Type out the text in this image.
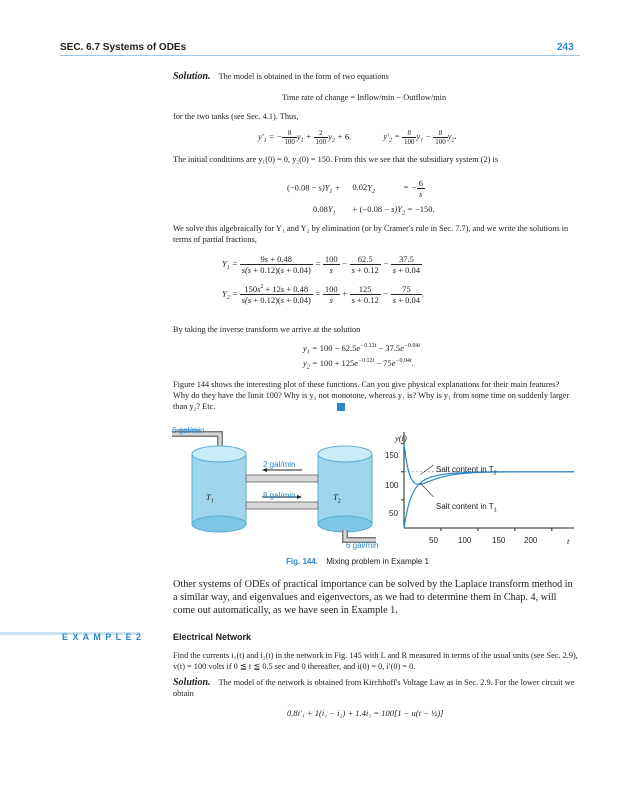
SEC. 6.7 Systems of ODEs	243
Solution. The model is obtained in the form of two equations
Time rate of change = Inflow/min − Outflow/min
for the two tanks (see Sec. 4.1). Thus,
$y'_1$ = − $\frac{8}{100} y_1 + \frac{2}{100} y_2 + 6$.	$y'_2 = \frac{8}{100} y_1 - \frac{8}{100} y_2$.
The initial conditions are y₁(0) = 0, y₂(0) = 150. From this we see that the subsidiary system (2) is
$(-0.08 - s)Y_1 + 0.02Y_2$	= − $\frac{6}{s}$
$0.08Y_1 + (-0.08 - s)Y_2 = -150$.
We solve this algebraically for Y₁ and Y₂ by elimination (or by Cramer's rule in Sec. 7.7), and we write the solutions in terms of partial fractions,
$Y_1 = \frac{9s + 0.48}{s(s + 0.12)(s + 0.04)} = \frac{100}{s} - \frac{62.5}{s + 0.12} - \frac{37.5}{s + 0.04}$
$Y_2 = \frac{150s^2 + 12s + 0.48}{s(s + 0.12)(s + 0.04)} = \frac{100}{s} + \frac{125}{s + 0.12} - \frac{75}{s + 0.04}$ .
By taking the inverse transform we arrive at the solution
$y_1 = 100 - 62.5e^{-0.12t} - 37.5e^{-0.04t}$
$y_2 = 100 + 125e^{-0.12t} - 75e^{-0.04t}$.
Figure 144 shows the interesting plot of these functions. Can you give physical explanations for their main features? Why do they have the limit 100? Why is y₂ not monotone, whereas y₁ is? Why is y₁ from some time on suddenly larger than y₂? Etc.
6 gal/min
2 gal/min
8 gal/min
6 gal/min
$T_1$	$T_2$
y(t)
t
150
100
50
50	100	150 200
Salt content in $T_2$
Salt content in $T_1$
Fig. 144. Mixing problem in Example 1
Other systems of ODEs of practical importance can be solved by the Laplace transform method in a similar way, and eigenvalues and eigenvectors, as we had to determine them in Chap. 4, will come out automatically, as we have seen in Example 1.
E X A M P L E 2	Electrical Network
Find the currents i₁(t) and i₂(t) in the network in Fig. 145 with L and R measured in terms of the usual units (see Sec. 2.9), v(t) = 100 volts if 0 ≦ t ≦ 0.5 sec and 0 thereafter, and i(0) = 0, i′(0) = 0.
Solution. The model of the network is obtained from Kirchhoff's Voltage Law as in Sec. 2.9. For the lower circuit we obtain
0.8i′₁ + 1(i₁ − i₂) + 1.4i₁ = 100[1 − u(t − ½)]
